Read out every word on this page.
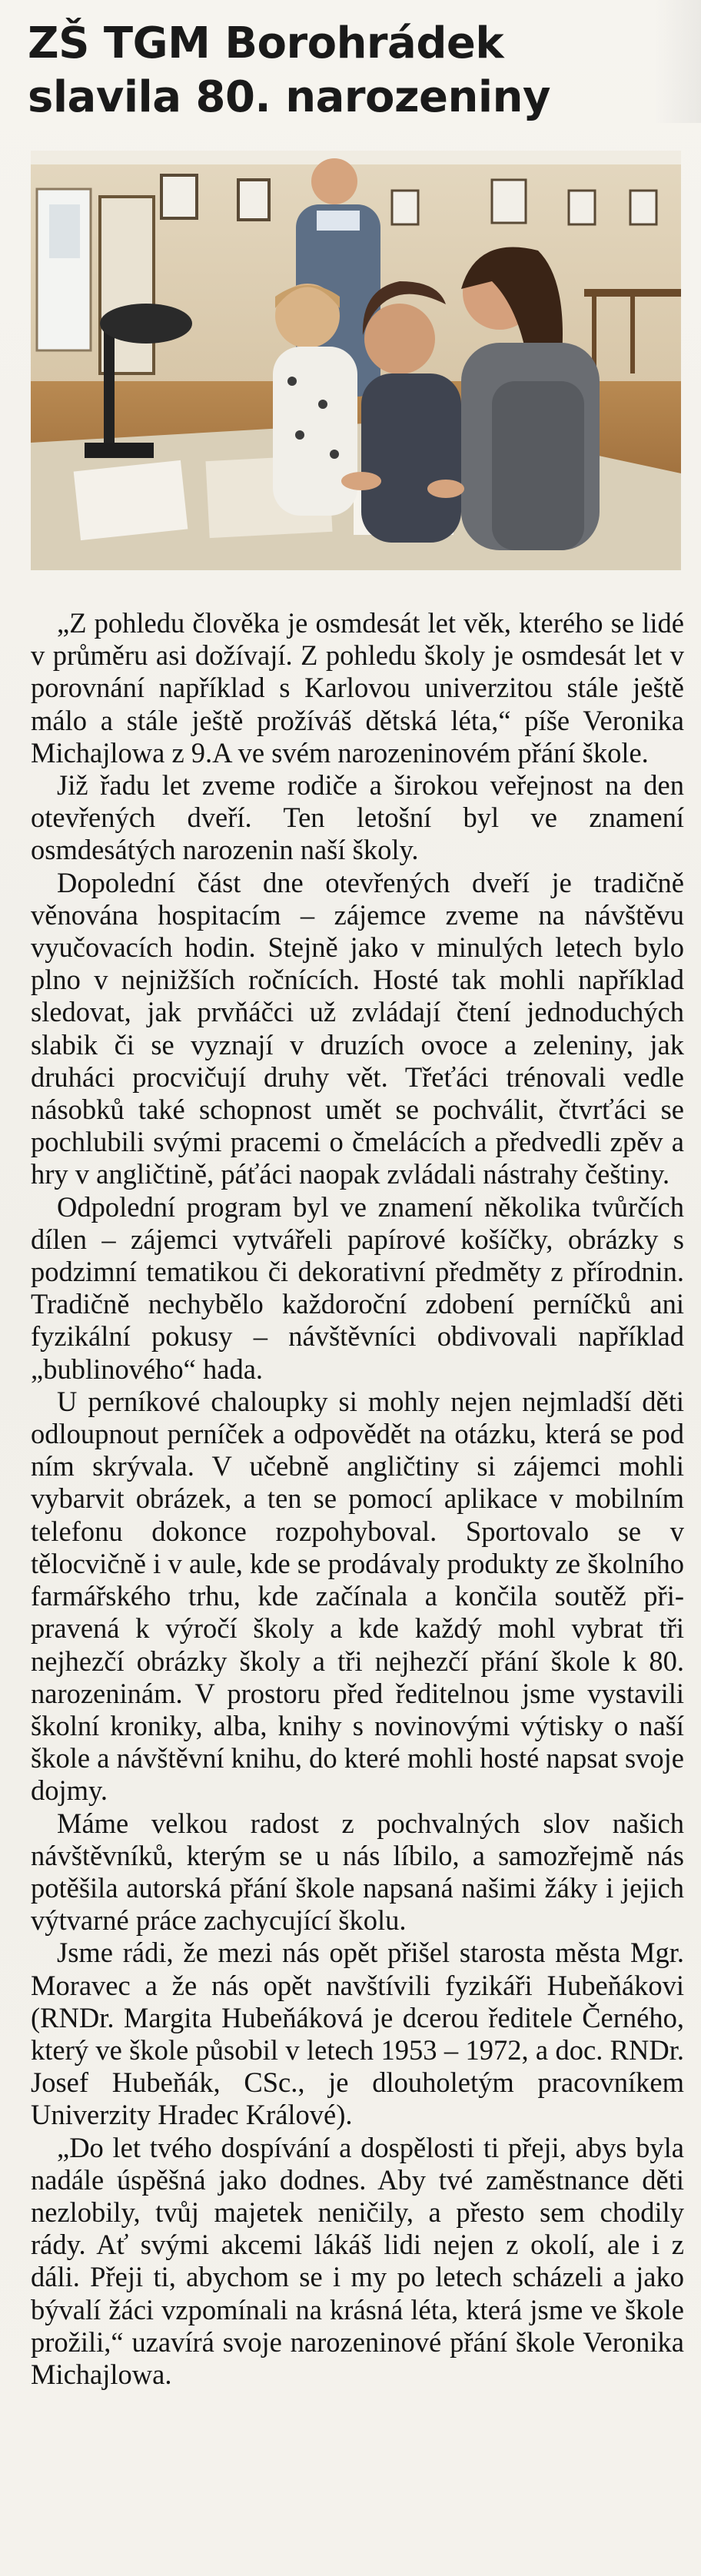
ZŠ TGM Borohrádek
slavila 80. narozeniny

„Z pohledu člověka je osmdesát let věk, kterého se lidé v průměru asi dožívají. Z pohledu školy je osmdesát let v porovnání například s Karlovou univerzitou stále ještě málo a stále ještě prožíváš dětská léta,“ píše Veronika Michajlowa z 9.A ve svém narozeninovém přání škole.

Již řadu let zveme rodiče a širokou veřejnost na den otevřených dveří. Ten letošní byl ve znamení osmdesátých narozenin naší školy.

Dopolední část dne otevřených dveří je tradičně věnována hospitacím – zájemce zveme na návštěvu vyučovacích hodin. Stejně jako v minulých letech bylo plno v nejnižších ročnících. Hosté tak mohli například sledovat, jak prvňáčci už zvládají čtení jednoduchých slabik či se vyznají v druzích ovoce a zeleniny, jak druháci procvičují druhy vět. Třeťáci trénovali vedle násobků také schopnost umět se pochválit, čtvrťáci se pochlubili svými pracemi o čmelácích a předvedli zpěv a hry v angličtině, páťáci naopak zvládali nástrahy češtiny.

Odpolední program byl ve znamení několika tvůrčích dílen – zájemci vytvářeli papírové košíčky, obrázky s podzimní tematikou či dekorativní předměty z přírodnin. Tradičně nechybělo každoroční zdobení perníčků ani fyzikální pokusy – návštěvníci obdivovali například „bublinového“ hada.

U perníkové chaloupky si mohly nejen nejmladší děti odloupnout perníček a odpovědět na otázku, která se pod ním skrývala. V učebně angličtiny si zájemci mohli vybarvit obrázek, a ten se pomocí aplikace v mobilním telefonu dokonce rozpohyboval. Sportovalo se v tělocvičně i v aule, kde se prodávaly produkty ze školního farmářského trhu, kde začínala a končila soutěž připravená k výročí školy a kde každý mohl vybrat tři nejhezčí obrázky školy a tři nejhezčí přání škole k 80. narozeninám. V prostoru před ředitelnou jsme vystavili školní kroniky, alba, knihy s novinovými výtisky o naší škole a návštěvní knihu, do které mohli hosté napsat svoje dojmy.

Máme velkou radost z pochvalných slov našich návštěvníků, kterým se u nás líbilo, a samozřejmě nás potěšila autorská přání škole napsaná našimi žáky i jejich výtvarné práce zachycující školu.

Jsme rádi, že mezi nás opět přišel starosta města Mgr. Moravec a že nás opět navštívili fyzikáři Hubeňákovi (RNDr. Margita Hubeňáková je dcerou ředitele Černého, který ve škole působil v letech 1953 – 1972, a doc. RNDr. Josef Hubeňák, CSc., je dlouholetým pracovníkem Univerzity Hradec Králové).

„Do let tvého dospívání a dospělosti ti přeji, abys byla nadále úspěšná jako dodnes. Aby tvé zaměstnance děti nezlobily, tvůj majetek neničily, a přesto sem chodily rády. Ať svými akcemi lákáš lidi nejen z okolí, ale i z dáli. Přeji ti, abychom se i my po letech scházeli a jako bývalí žáci vzpomínali na krásná léta, která jsme ve škole prožili,“ uzavírá svoje narozeninové přání škole Veronika Michajlowa.
